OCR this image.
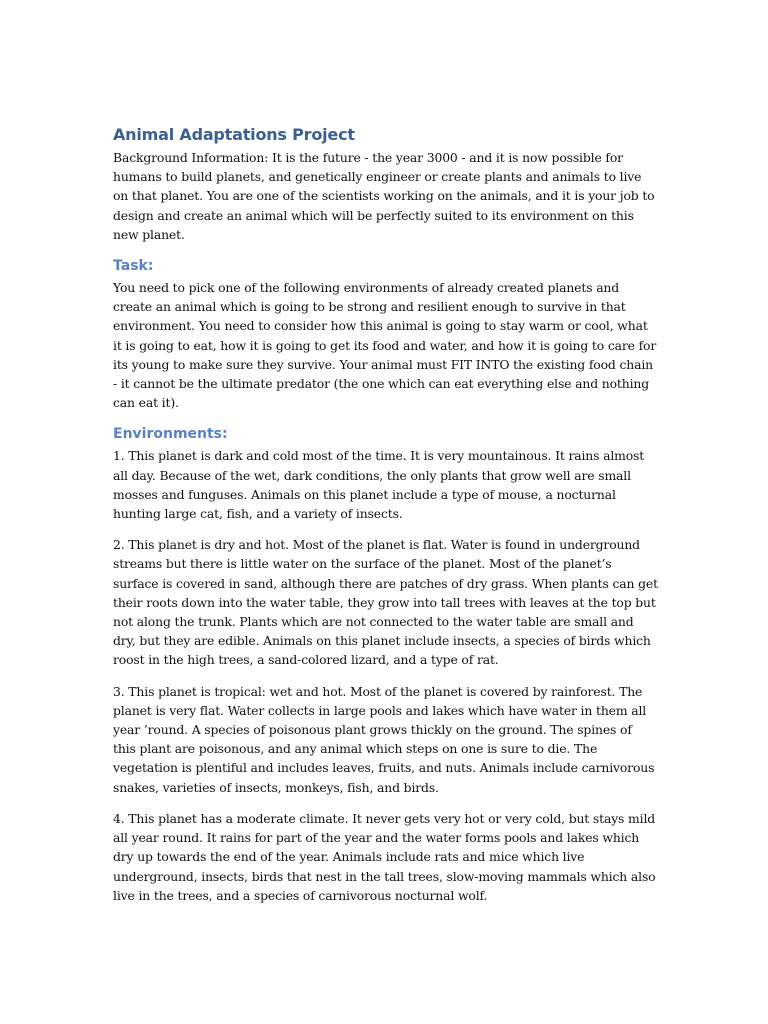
Animal Adaptations Project

Background Information: It is the future - the year 3000 - and it is now possible for humans to build planets, and genetically engineer or create plants and animals to live on that planet. You are one of the scientists working on the animals, and it is your job to design and create an animal which will be perfectly suited to its environment on this new planet.

Task:

You need to pick one of the following environments of already created planets and create an animal which is going to be strong and resilient enough to survive in that environment. You need to consider how this animal is going to stay warm or cool, what it is going to eat, how it is going to get its food and water, and how it is going to care for its young to make sure they survive. Your animal must FIT INTO the existing food chain - it cannot be the ultimate predator (the one which can eat everything else and nothing can eat it).

Environments:

1. This planet is dark and cold most of the time. It is very mountainous. It rains almost all day. Because of the wet, dark conditions, the only plants that grow well are small mosses and funguses. Animals on this planet include a type of mouse, a nocturnal hunting large cat, fish, and a variety of insects.

2. This planet is dry and hot. Most of the planet is flat. Water is found in underground streams but there is little water on the surface of the planet. Most of the planet’s surface is covered in sand, although there are patches of dry grass. When plants can get their roots down into the water table, they grow into tall trees with leaves at the top but not along the trunk. Plants which are not connected to the water table are small and dry, but they are edible. Animals on this planet include insects, a species of birds which roost in the high trees, a sand-colored lizard, and a type of rat.

3. This planet is tropical: wet and hot. Most of the planet is covered by rainforest. The planet is very flat. Water collects in large pools and lakes which have water in them all year ’round. A species of poisonous plant grows thickly on the ground. The spines of this plant are poisonous, and any animal which steps on one is sure to die. The vegetation is plentiful and includes leaves, fruits, and nuts. Animals include carnivorous snakes, varieties of insects, monkeys, fish, and birds.

4. This planet has a moderate climate. It never gets very hot or very cold, but stays mild all year round. It rains for part of the year and the water forms pools and lakes which dry up towards the end of the year. Animals include rats and mice which live underground, insects, birds that nest in the tall trees, slow-moving mammals which also live in the trees, and a species of carnivorous nocturnal wolf.
